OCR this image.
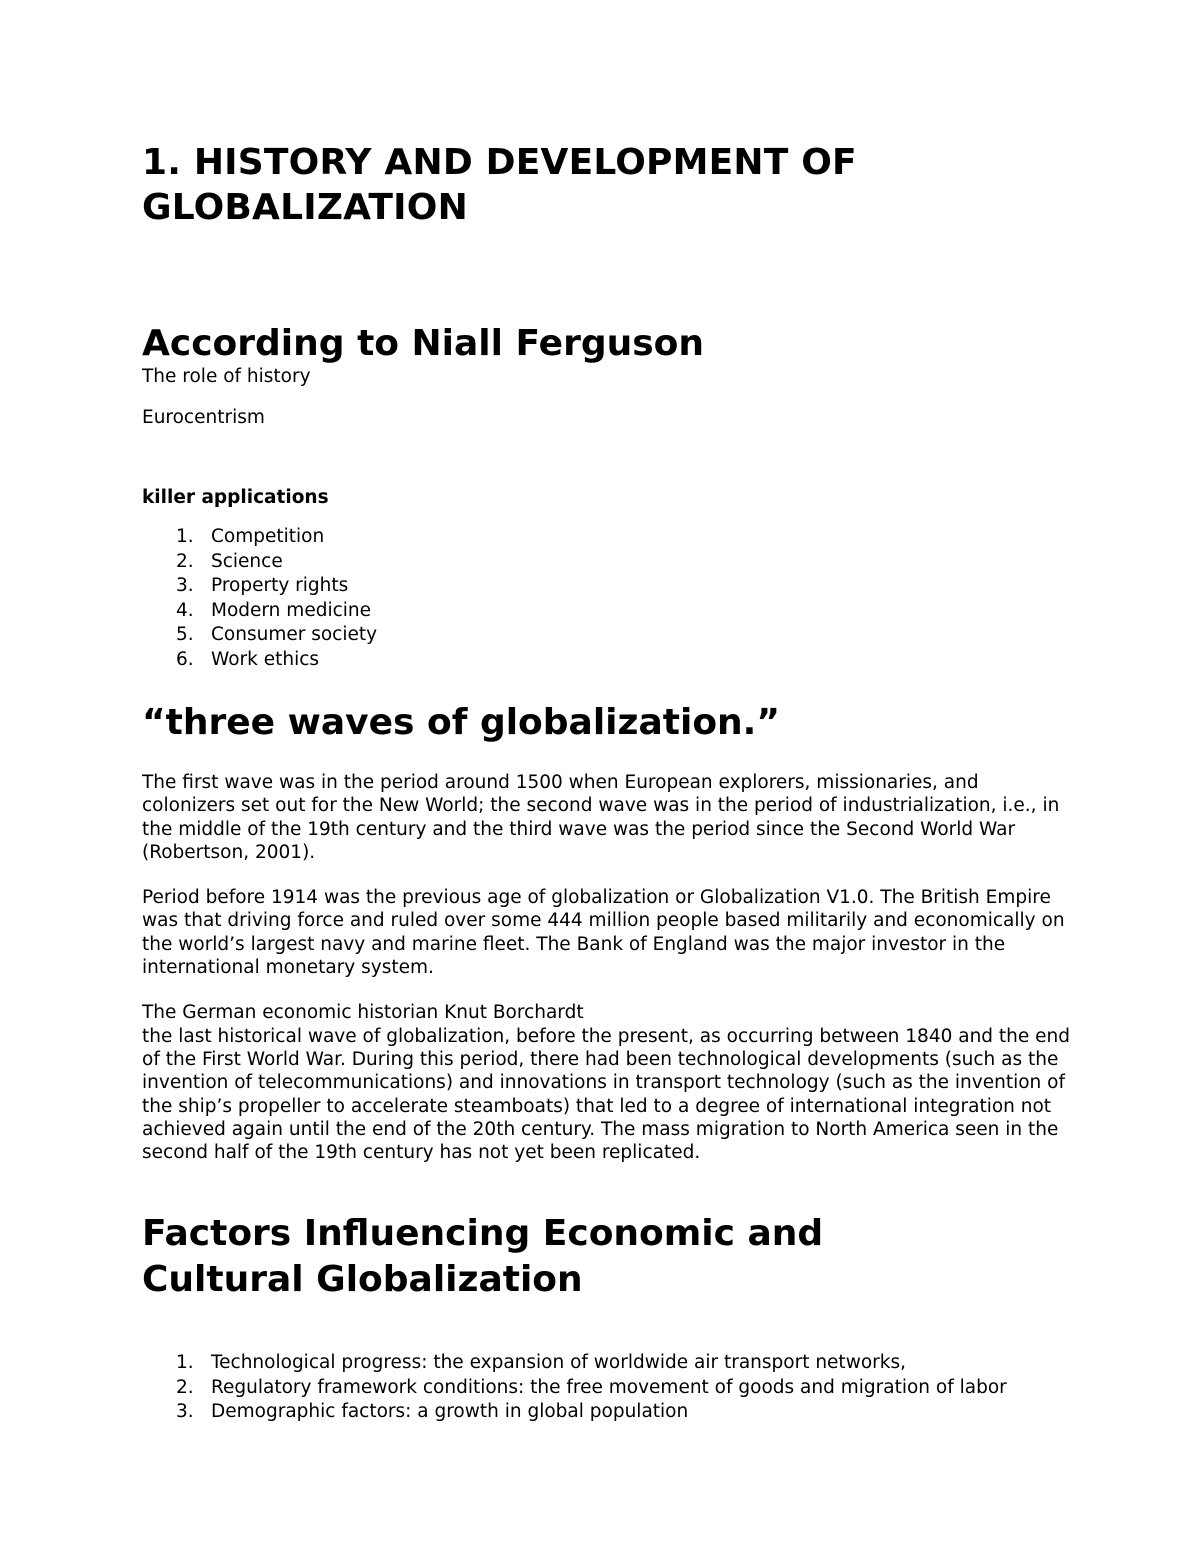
1. HISTORY AND DEVELOPMENT OF GLOBALIZATION
According to Niall Ferguson

The role of history

Eurocentrism

killer applications

1. Competition
2. Science
3. Property rights
4. Modern medicine
5. Consumer society
6. Work ethics
“three waves of globalization.”

The first wave was in the period around 1500 when European explorers, missionaries, and colonizers set out for the New World; the second wave was in the period of industrialization, i.e., in the middle of the 19th century and the third wave was the period since the Second World War (Robertson, 2001).

Period before 1914 was the previous age of globalization or Globalization V1.0. The British Empire was that driving force and ruled over some 444 million people based militarily and economically on the world’s largest navy and marine fleet. The Bank of England was the major investor in the international monetary system.

The German economic historian Knut Borchardt

the last historical wave of globalization, before the present, as occurring between 1840 and the end of the First World War. During this period, there had been technological developments (such as the invention of telecommunications) and innovations in transport technology (such as the invention of the ship’s propeller to accelerate steamboats) that led to a degree of international integration not achieved again until the end of the 20th century. The mass migration to North America seen in the second half of the 19th century has not yet been replicated.

Factors Influencing Economic and Cultural Globalization
1. Technological progress: the expansion of worldwide air transport networks,
2. Regulatory framework conditions: the free movement of goods and migration of labor
3. Demographic factors: a growth in global population
